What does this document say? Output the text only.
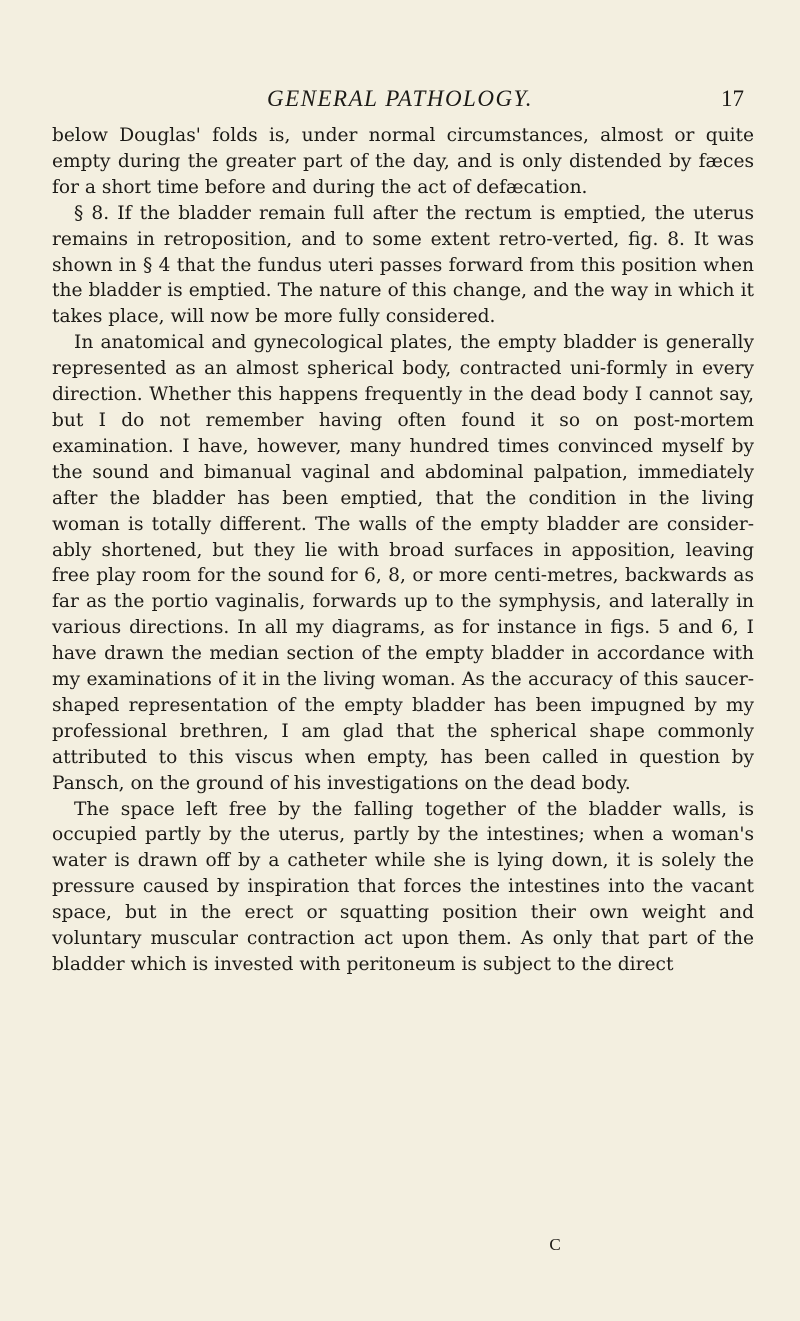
GENERAL PATHOLOGY.	17

below Douglas' folds is, under normal circumstances, almost or quite empty during the greater part of the day, and is only distended by fæces for a short time before and during the act of defæcation.

§ 8. If the bladder remain full after the rectum is emptied, the uterus remains in retroposition, and to some extent retro-verted, fig. 8. It was shown in § 4 that the fundus uteri passes forward from this position when the bladder is emptied. The nature of this change, and the way in which it takes place, will now be more fully considered.

In anatomical and gynecological plates, the empty bladder is generally represented as an almost spherical body, contracted uni-formly in every direction. Whether this happens frequently in the dead body I cannot say, but I do not remember having often found it so on post-mortem examination. I have, however, many hundred times convinced myself by the sound and bimanual vaginal and abdominal palpation, immediately after the bladder has been emptied, that the condition in the living woman is totally different. The walls of the empty bladder are consider-ably shortened, but they lie with broad surfaces in apposition, leaving free play room for the sound for 6, 8, or more centi-metres, backwards as far as the portio vaginalis, forwards up to the symphysis, and laterally in various directions. In all my diagrams, as for instance in figs. 5 and 6, I have drawn the median section of the empty bladder in accordance with my examinations of it in the living woman. As the accuracy of this saucer-shaped representation of the empty bladder has been impugned by my professional brethren, I am glad that the spherical shape commonly attributed to this viscus when empty, has been called in question by Pansch, on the ground of his investigations on the dead body.

The space left free by the falling together of the bladder walls, is occupied partly by the uterus, partly by the intestines; when a woman's water is drawn off by a catheter while she is lying down, it is solely the pressure caused by inspiration that forces the intestines into the vacant space, but in the erect or squatting position their own weight and voluntary muscular contraction act upon them. As only that part of the bladder which is invested with peritoneum is subject to the direct

C
